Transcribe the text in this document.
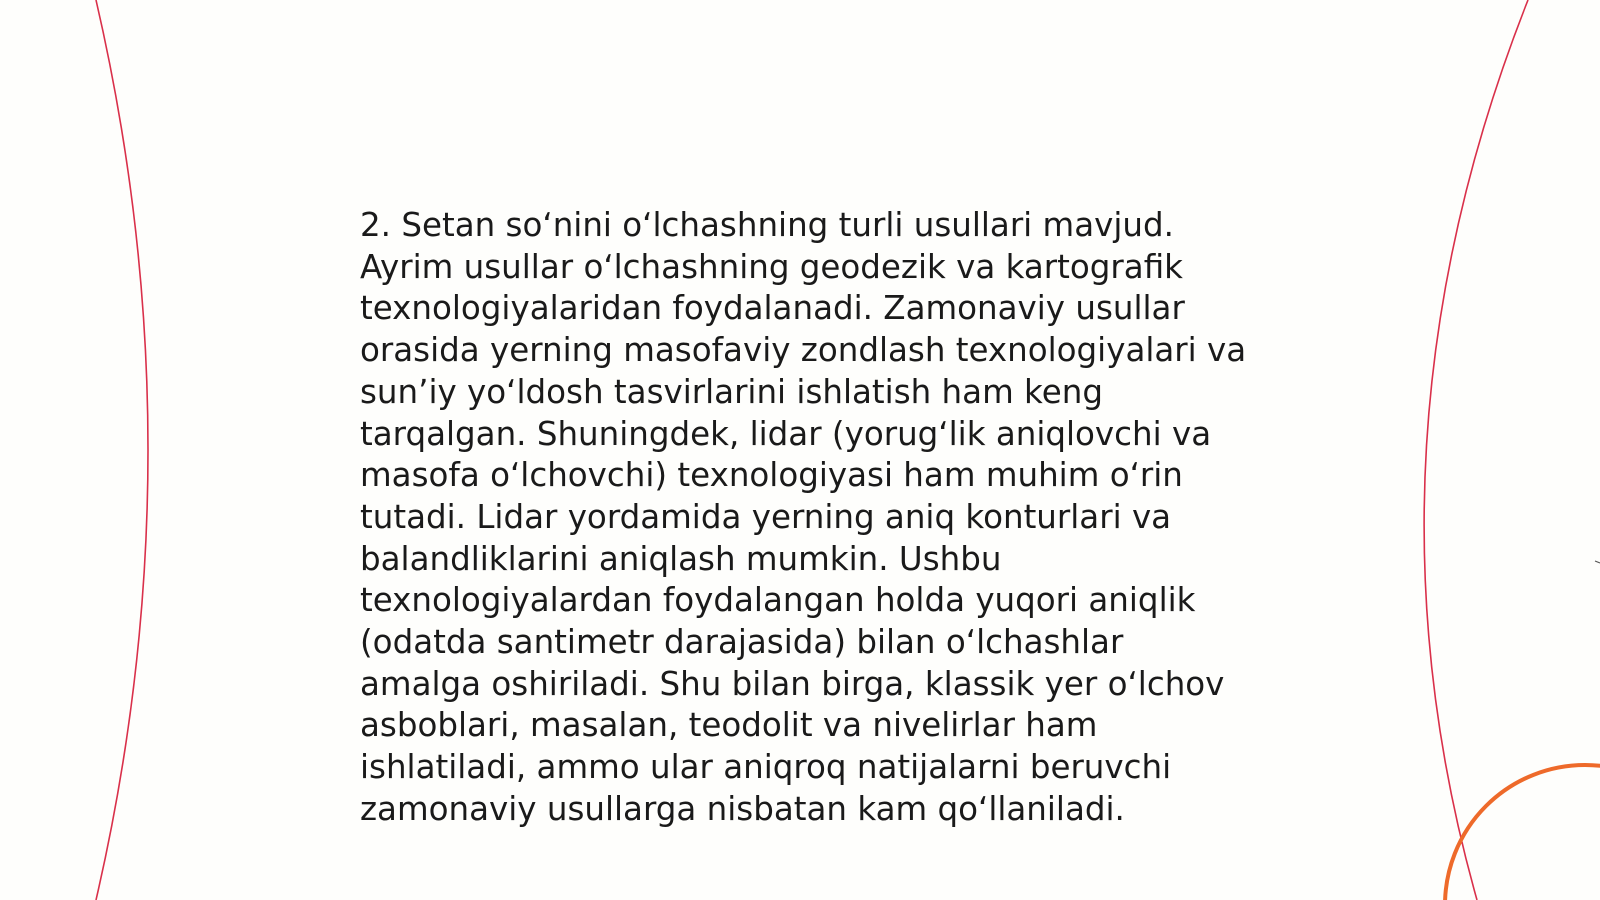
2. Setan so‘nini o‘lchashning turli usullari mavjud.
Ayrim usullar o‘lchashning geodezik va kartografik
texnologiyalaridan foydalanadi. Zamonaviy usullar
orasida yerning masofaviy zondlash texnologiyalari va
sun’iy yo‘ldosh tasvirlarini ishlatish ham keng
tarqalgan. Shuningdek, lidar (yorug‘lik aniqlovchi va
masofa o‘lchovchi) texnologiyasi ham muhim o‘rin
tutadi. Lidar yordamida yerning aniq konturlari va
balandliklarini aniqlash mumkin. Ushbu
texnologiyalardan foydalangan holda yuqori aniqlik
(odatda santimetr darajasida) bilan o‘lchashlar
amalga oshiriladi. Shu bilan birga, klassik yer o‘lchov
asboblari, masalan, teodolit va nivelirlar ham
ishlatiladi, ammo ular aniqroq natijalarni beruvchi
zamonaviy usullarga nisbatan kam qo‘llaniladi.
